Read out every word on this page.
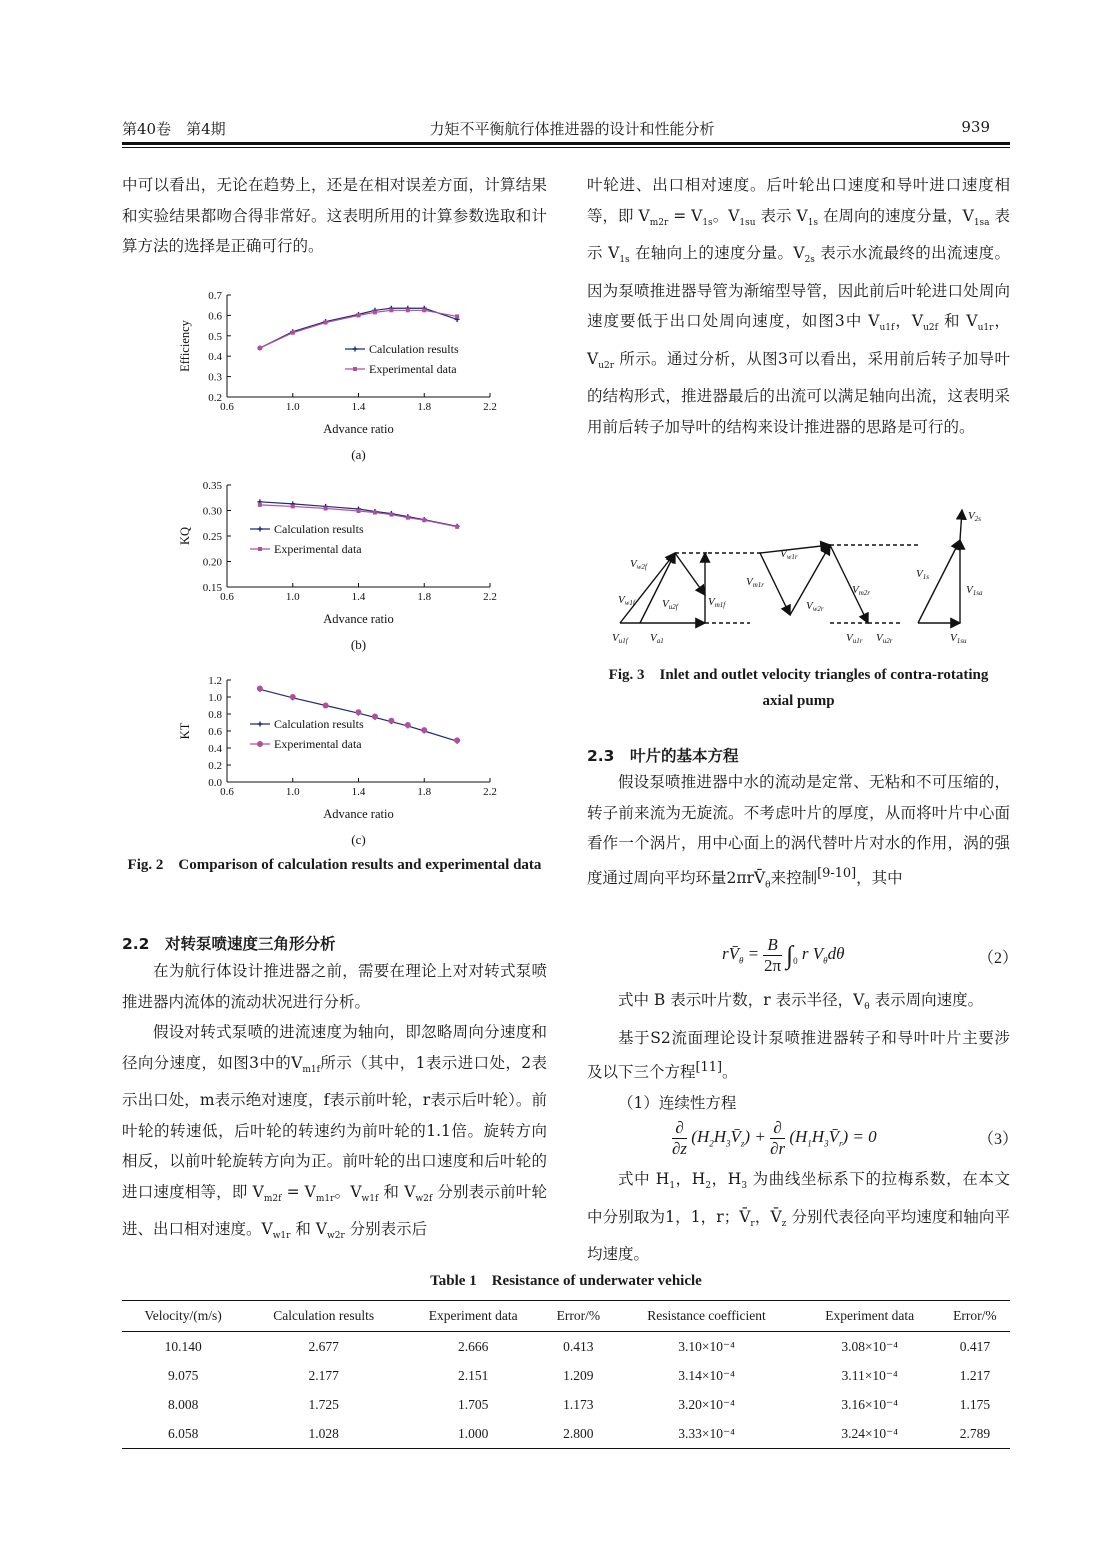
第40卷　第4期	力矩不平衡航行体推进器的设计和性能分析	939

中可以看出，无论在趋势上，还是在相对误差方面，计算结果和实验结果都吻合得非常好。这表明所用的计算参数选取和计算方法的选择是正确可行的。

0.6	1.0	1.4	1.8	2.2
0.2
0.3
0.4
0.5
0.6
0.7
Advance ratio
Efficiency
(a)
Calculation results
Experimental data
0.6	1.0	1.4	1.8	2.2
0.15
0.20
0.25
0.30
0.35
Advance ratio
KQ
(b)
Calculation results
Experimental data
0.6	1.0	1.4	1.8	2.2
0.0
0.2
0.4
0.6
0.8
1.0
1.2
Advance ratio
KT
(c)
Calculation results
Experimental data
Fig. 2　Comparison of calculation results and experimental data
2.2　对转泵喷速度三角形分析

在为航行体设计推进器之前，需要在理论上对对转式泵喷推进器内流体的流动状况进行分析。

假设对转式泵喷的进流速度为轴向，即忽略周向分速度和径向分速度，如图3中的$V_{m1f}$所示（其中，1表示进口处，2表示出口处，m表示绝对速度，f表示前叶轮，r表示后叶轮）。前叶轮的转速低，后叶轮的转速约为前叶轮的1.1倍。旋转方向相反，以前叶轮旋转方向为正。前叶轮的出口速度和后叶轮的进口速度相等，即 $V_{m2f} = V_{m1r}$。$V_{w1f}$ 和 $V_{w2f}$ 分别表示前叶轮进、出口相对速度。$V_{w1r}$ 和 $V_{w2r}$ 分别表示后

叶轮进、出口相对速度。后叶轮出口速度和导叶进口速度相等，即 $V_{m2r} = V_{1s}$。$V_{1su}$ 表示 $V_{1s}$ 在周向的速度分量，$V_{1sa}$ 表示 $V_{1s}$ 在轴向上的速度分量。$V_{2s}$ 表示水流最终的出流速度。因为泵喷推进器导管为渐缩型导管，因此前后叶轮进口处周向速度要低于出口处周向速度，如图3中 $V_{u1f}$，$V_{u2f}$ 和 $V_{u1r}$，$V_{u2r}$ 所示。通过分析，从图3可以看出，采用前后转子加导叶的结构形式，推进器最后的出流可以满足轴向出流，这表明采用前后转子加导叶的结构来设计推进器的思路是可行的。

Vw2f
Vw1f Vu2f	Vm1f
Vu1f Va1
Vw1r
Vm1r
Vw2r
Vm2r
Vu1r Vu2r
V1s
V1sa
V1su
V2s
Fig. 3　Inlet and outlet velocity triangles of contra-rotating
axial pump
2.3　叶片的基本方程

假设泵喷推进器中水的流动是定常、无粘和不可压缩的，转子前来流为无旋流。不考虑叶片的厚度，从而将叶片中心面看作一个涡片，用中心面上的涡代替叶片对水的作用，涡的强度通过周向平均环量$2\pi rV̄_\theta$来控制[9-10]，其中

$rV̄_\theta = \frac{B}{2\pi} \int_0$ r $V_\theta d\theta$	（2）

式中 B 表示叶片数，r 表示半径，$V_\theta$ 表示周向速度。

基于S2流面理论设计泵喷推进器转子和导叶叶片主要涉及以下三个方程[11]。

（1）连续性方程

∂
∂z
$(H_2H_3V̄_z)$ + ∂
∂r
$(H_1H_3V̄_r) = 0$	（3）

式中 $H_1$，$H_2$，$H_3$ 为曲线坐标系下的拉梅系数，在本文中分别取为1，1，r；$V̄_r$，$V̄_z$ 分别代表径向平均速度和轴向平均速度。

Table 1　Resistance of underwater vehicle
Velocity/(m/s)	Calculation results	Experiment data	Error/%	Resistance coefficient	Experiment data	Error/%
10.140	2.677	2.666	0.413	3.10×10⁻⁴	3.08×10⁻⁴	0.417
9.075	2.177	2.151	1.209	3.14×10⁻⁴	3.11×10⁻⁴	1.217
8.008	1.725	1.705	1.173	3.20×10⁻⁴	3.16×10⁻⁴	1.175
6.058	1.028	1.000	2.800	3.33×10⁻⁴	3.24×10⁻⁴	2.789
